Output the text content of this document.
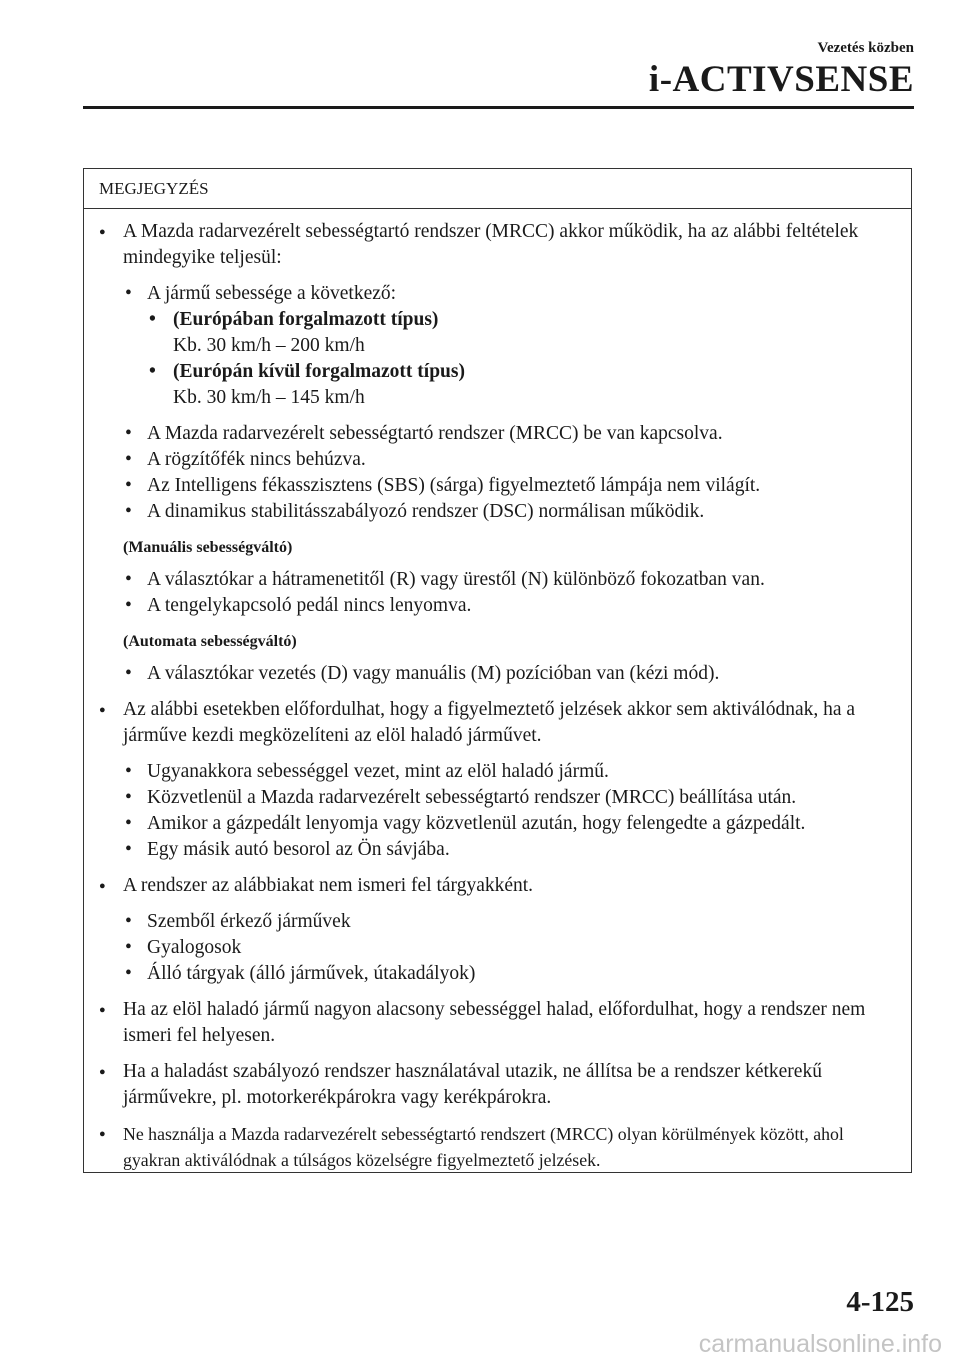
Vezetés közben
i-ACTIVSENSE
MEGJEGYZÉS
● A Mazda radarvezérelt sebességtartó rendszer (MRCC) akkor működik, ha az alábbi feltételek mindegyike teljesül:
• A jármű sebessége a következő:
• (Európában forgalmazott típus)
Kb. 30 km/h – 200 km/h
• (Európán kívül forgalmazott típus)
Kb. 30 km/h – 145 km/h
• A Mazda radarvezérelt sebességtartó rendszer (MRCC) be van kapcsolva.
• A rögzítőfék nincs behúzva.
• Az Intelligens fékasszisztens (SBS) (sárga) figyelmeztető lámpája nem világít.
• A dinamikus stabilitásszabályozó rendszer (DSC) normálisan működik.
(Manuális sebességváltó)
• A választókar a hátramenetitől (R) vagy ürestől (N) különböző fokozatban van.
• A tengelykapcsoló pedál nincs lenyomva.
(Automata sebességváltó)
• A választókar vezetés (D) vagy manuális (M) pozícióban van (kézi mód).
● Az alábbi esetekben előfordulhat, hogy a figyelmeztető jelzések akkor sem aktiválódnak, ha a járműve kezdi megközelíteni az elöl haladó járművet.
• Ugyanakkora sebességgel vezet, mint az elöl haladó jármű.
• Közvetlenül a Mazda radarvezérelt sebességtartó rendszer (MRCC) beállítása után.
• Amikor a gázpedált lenyomja vagy közvetlenül azután, hogy felengedte a gázpedált.
• Egy másik autó besorol az Ön sávjába.
● A rendszer az alábbiakat nem ismeri fel tárgyakként.
• Szemből érkező járművek
• Gyalogosok
• Álló tárgyak (álló járművek, útakadályok)
● Ha az elöl haladó jármű nagyon alacsony sebességgel halad, előfordulhat, hogy a rendszer nem ismeri fel helyesen.
● Ha a haladást szabályozó rendszer használatával utazik, ne állítsa be a rendszer kétkerekű járművekre, pl. motorkerékpárokra vagy kerékpárokra.
● Ne használja a Mazda radarvezérelt sebességtartó rendszert (MRCC) olyan körülmények között, ahol gyakran aktiválódnak a túlságos közelségre figyelmeztető jelzések.
4-125
carmanualsonline.info
